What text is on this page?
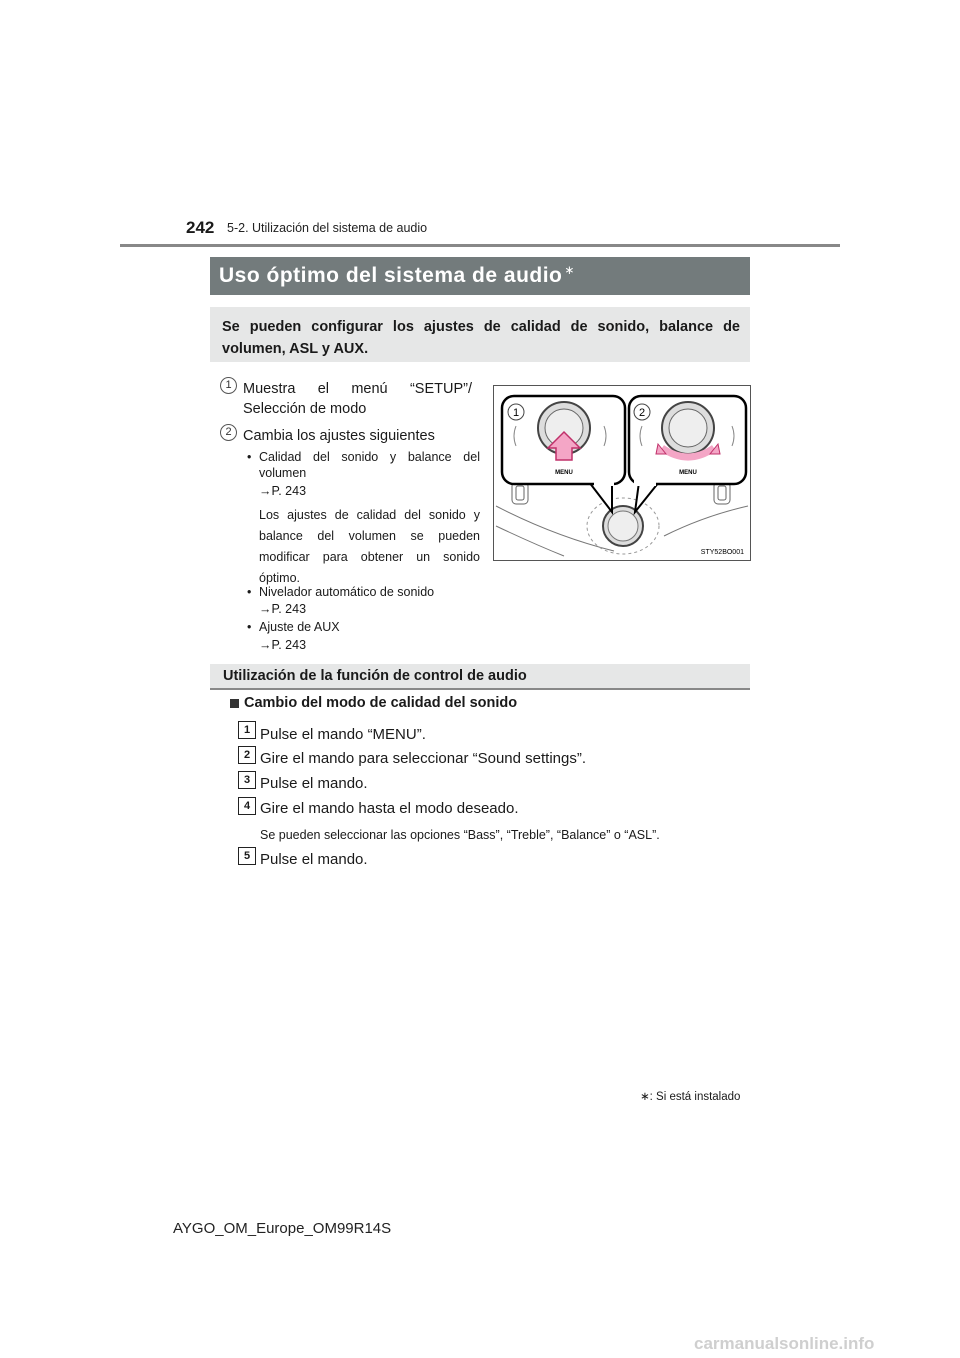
242 5-2. Utilización del sistema de audio
Uso óptimo del sistema de audio ∗
Se pueden configurar los ajustes de calidad de sonido, balance de volumen, ASL y AUX.
1 Muestra el menú “SETUP”/
Selección de modo
2 Cambia los ajustes siguientes
• Calidad del sonido y balance del
volumen
→P. 243
Los ajustes de calidad del sonido y balance del volumen se pueden modificar para obtener un sonido óptimo.
• Nivelador automático de sonido
→P. 243
• Ajuste de AUX
→P. 243
MENU
1
MENU
2
STY52BO001
Utilización de la función de control de audio
Cambio del modo de calidad del sonido
1 Pulse el mando “MENU”.
2 Gire el mando para seleccionar “Sound settings”.
3 Pulse el mando.
4 Gire el mando hasta el modo deseado.
Se pueden seleccionar las opciones “Bass”, “Treble”, “Balance” o “ASL”.
5 Pulse el mando.
∗: Si está instalado
AYGO_OM_Europe_OM99R14S
carmanualsonline.info
